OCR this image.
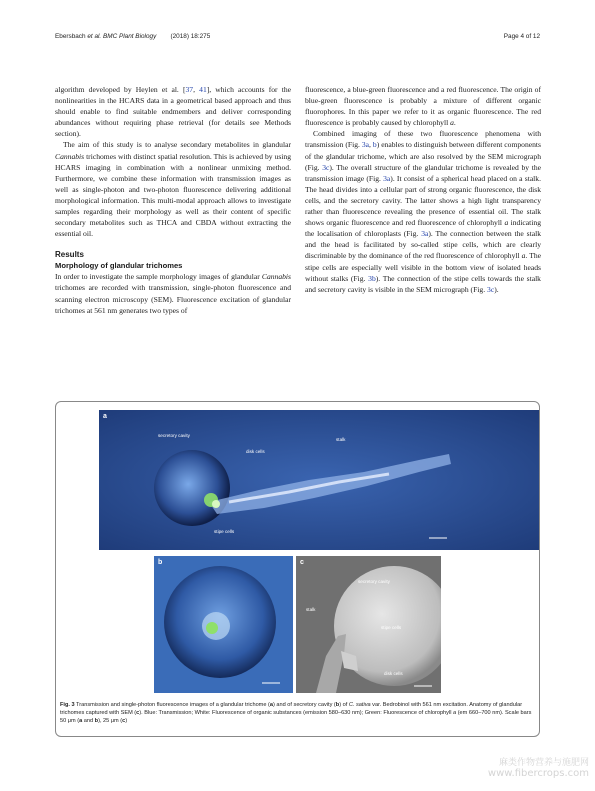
Ebersbach et al. BMC Plant Biology (2018) 18:275	Page 4 of 12

algorithm developed by Heylen et al. [37, 41], which accounts for the nonlinearities in the HCARS data in a geometrical based approach and thus should enable to find suitable endmembers and deliver corresponding abundances without requiring phase retrieval (for details see Methods section).

The aim of this study is to analyse secondary metabolites in glandular Cannabis trichomes with distinct spatial resolution. This is achieved by using HCARS imaging in combination with a nonlinear unmixing method. Furthermore, we combine these information with transmission images as well as single-photon and two-photon fluorescence delivering additional morphological information. This multi-modal approach allows to investigate samples regarding their morphology as well as their content of specific secondary metabolites such as THCA and CBDA without extracting the essential oil.

Results
Morphology of glandular trichomes

In order to investigate the sample morphology images of glandular Cannabis trichomes are recorded with transmission, single-photon fluorescence and scanning electron microscopy (SEM). Fluorescence excitation of glandular trichomes at 561 nm generates two types of

fluorescence, a blue-green fluorescence and a red fluorescence. The origin of blue-green fluorescence is probably a mixture of different organic fluorophores. In this paper we refer to it as organic fluorescence. The red fluorescence is probably caused by chlorophyll a.

Combined imaging of these two fluorescence phenomena with transmission (Fig. 3a, b) enables to distinguish between different components of the glandular trichome, which are also resolved by the SEM micrograph (Fig. 3c). The overall structure of the glandular trichome is revealed by the transmission image (Fig. 3a). It consist of a spherical head placed on a stalk. The head divides into a cellular part of strong organic fluorescence, the disk cells, and the secretory cavity. The latter shows a high light transparency rather than fluorescence revealing the presence of essential oil. The stalk shows organic fluorescence and red fluorescence of chlorophyll a indicating the localisation of chloroplasts (Fig. 3a). The connection between the stalk and the head is facilitated by so-called stipe cells, which are clearly discriminable by the dominance of the red fluorescence of chlorophyll a. The stipe cells are especially well visible in the bottom view of isolated heads without stalks (Fig. 3b). The connection of the stipe cells towards the stalk and secretory cavity is visible in the SEM micrograph (Fig. 3c).

a
secretory cavity
disk cells
stalk
stipe cells
b	c
secretory cavity
stalk
stipe cells
disk cells
Fig. 3 Transmission and single-photon fluorescence images of a glandular trichome (a) and of secretory cavity (b) of C. sativa var. Bedrobinol with 561 nm excitation. Anatomy of glandular trichomes captured with SEM (c). Blue: Transmission; White: Fluorescence of organic substances (emission 580–630 nm); Green: Fluorescence of chlorophyll a (em 660–700 nm). Scale bars 50 μm (a and b), 25 μm (c)
麻类作物营养与施肥网
www.fibercrops.com
